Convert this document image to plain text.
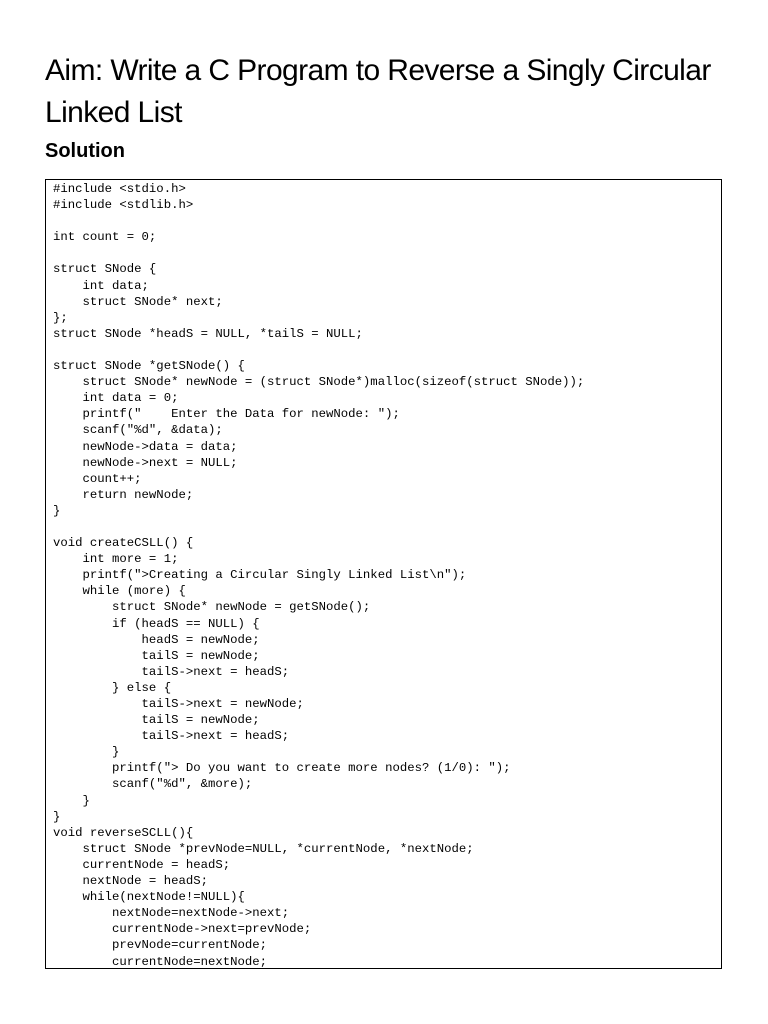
Aim: Write a C Program to Reverse a Singly Circular Linked List
Solution
#include <stdio.h>
#include <stdlib.h>
int count = 0;
struct SNode {
int data;
struct SNode* next;
};
struct SNode *headS = NULL, *tailS = NULL;
struct SNode *getSNode() {
struct SNode* newNode = (struct SNode*)malloc(sizeof(struct SNode));
int data = 0;
printf("    Enter the Data for newNode: ");
scanf("%d", &data);
newNode->data = data;
newNode->next = NULL;
count++;
return newNode;
}
void createCSLL() {
int more = 1;
printf(">Creating a Circular Singly Linked List\n");
while (more) {
struct SNode* newNode = getSNode();
if (headS == NULL) {
headS = newNode;
tailS = newNode;
tailS->next = headS;
} else {
tailS->next = newNode;
tailS = newNode;
tailS->next = headS;
}
printf("> Do you want to create more nodes? (1/0): ");
scanf("%d", &more);
}
}
void reverseSCLL(){
struct SNode *prevNode=NULL, *currentNode, *nextNode;
currentNode = headS;
nextNode = headS;
while(nextNode!=NULL){
nextNode=nextNode->next;
currentNode->next=prevNode;
prevNode=currentNode;
currentNode=nextNode;
